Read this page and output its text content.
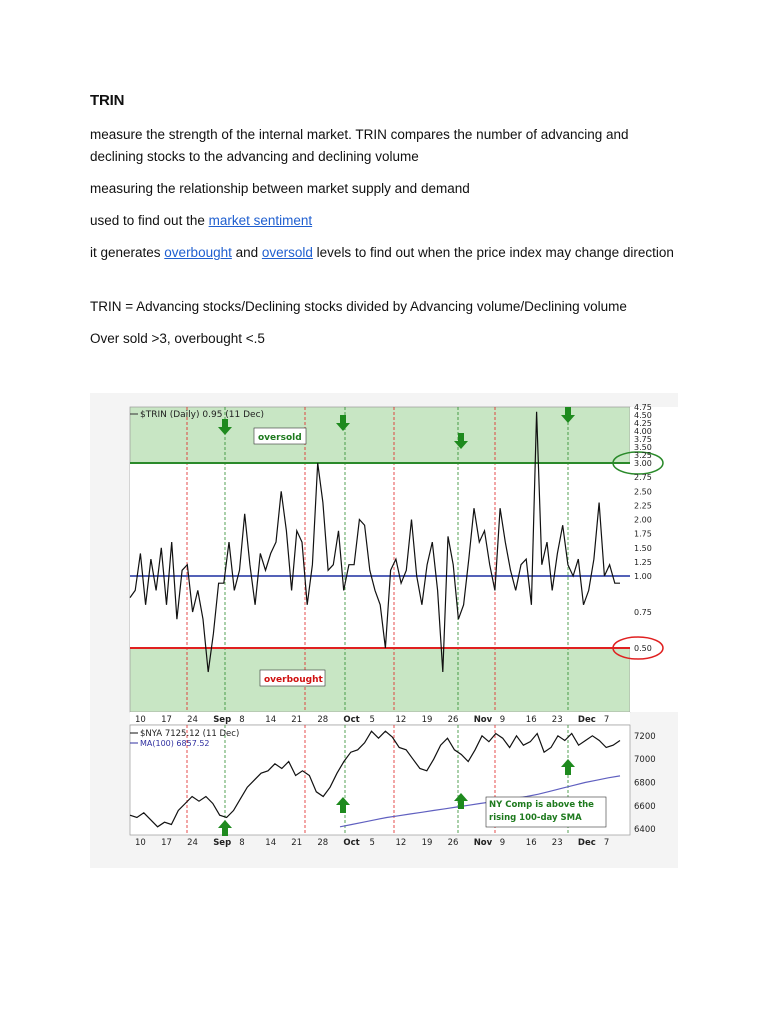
TRIN
measure the strength of the internal market. TRIN compares the number of advancing and declining stocks to the advancing and declining volume
measuring the relationship between market supply and demand
used to find out the market sentiment
it generates overbought and oversold levels to find out when the price index may change direction
TRIN = Advancing stocks/Declining stocks divided by Advancing volume/Declining volume
Over sold >3, overbought <.5
oversold
overbought
4.75
4.50
4.25
4.00
3.75
3.50
3.25
3.00
2.75
2.50
2.25
2.00
1.75
1.50
1.25
1.00
0.75
0.50
$TRIN (Daily) 0.95 (11 Dec)
10 17 24 Sep 8 14 21 28 Oct 5 12 19 26 Nov 9 16 23 Dec 7
NY Comp is above the
rising 100-day SMA
7200
7000
6800
6600
6400
$NYA 7125.12 (11 Dec)
MA(100) 6857.52
10 17 24 Sep 8 14 21 28 Oct 5 12 19 26 Nov 9 16 23 Dec 7
